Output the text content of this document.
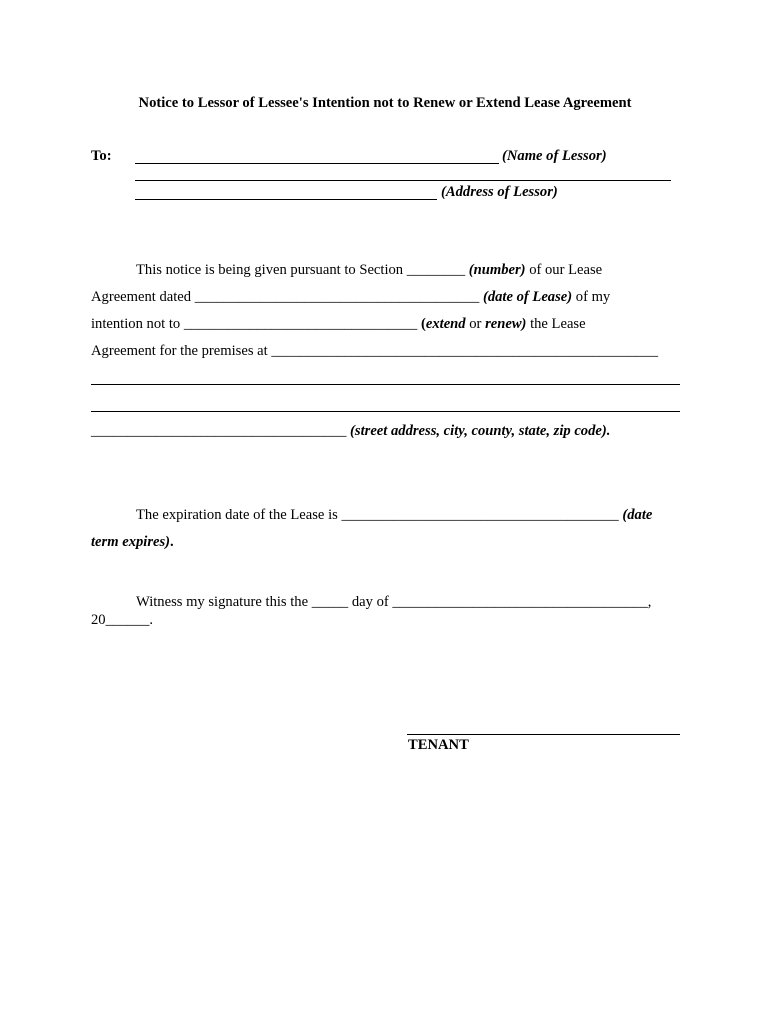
Notice to Lessor of Lessee's Intention not to Renew or Extend Lease Agreement
To:	(Name of Lessor)
(Address of Lessor)
This notice is being given pursuant to Section ________ (number) of our Lease
Agreement dated _______________________________________ (date of Lease) of my
intention not to ________________________________ (extend or renew) the Lease
Agreement for the premises at _____________________________________________________
___________________________________ (street address, city, county, state, zip code).
The expiration date of the Lease is ______________________________________ (date
term expires).
Witness my signature this the _____ day of ___________________________________,
20______.
TENANT
